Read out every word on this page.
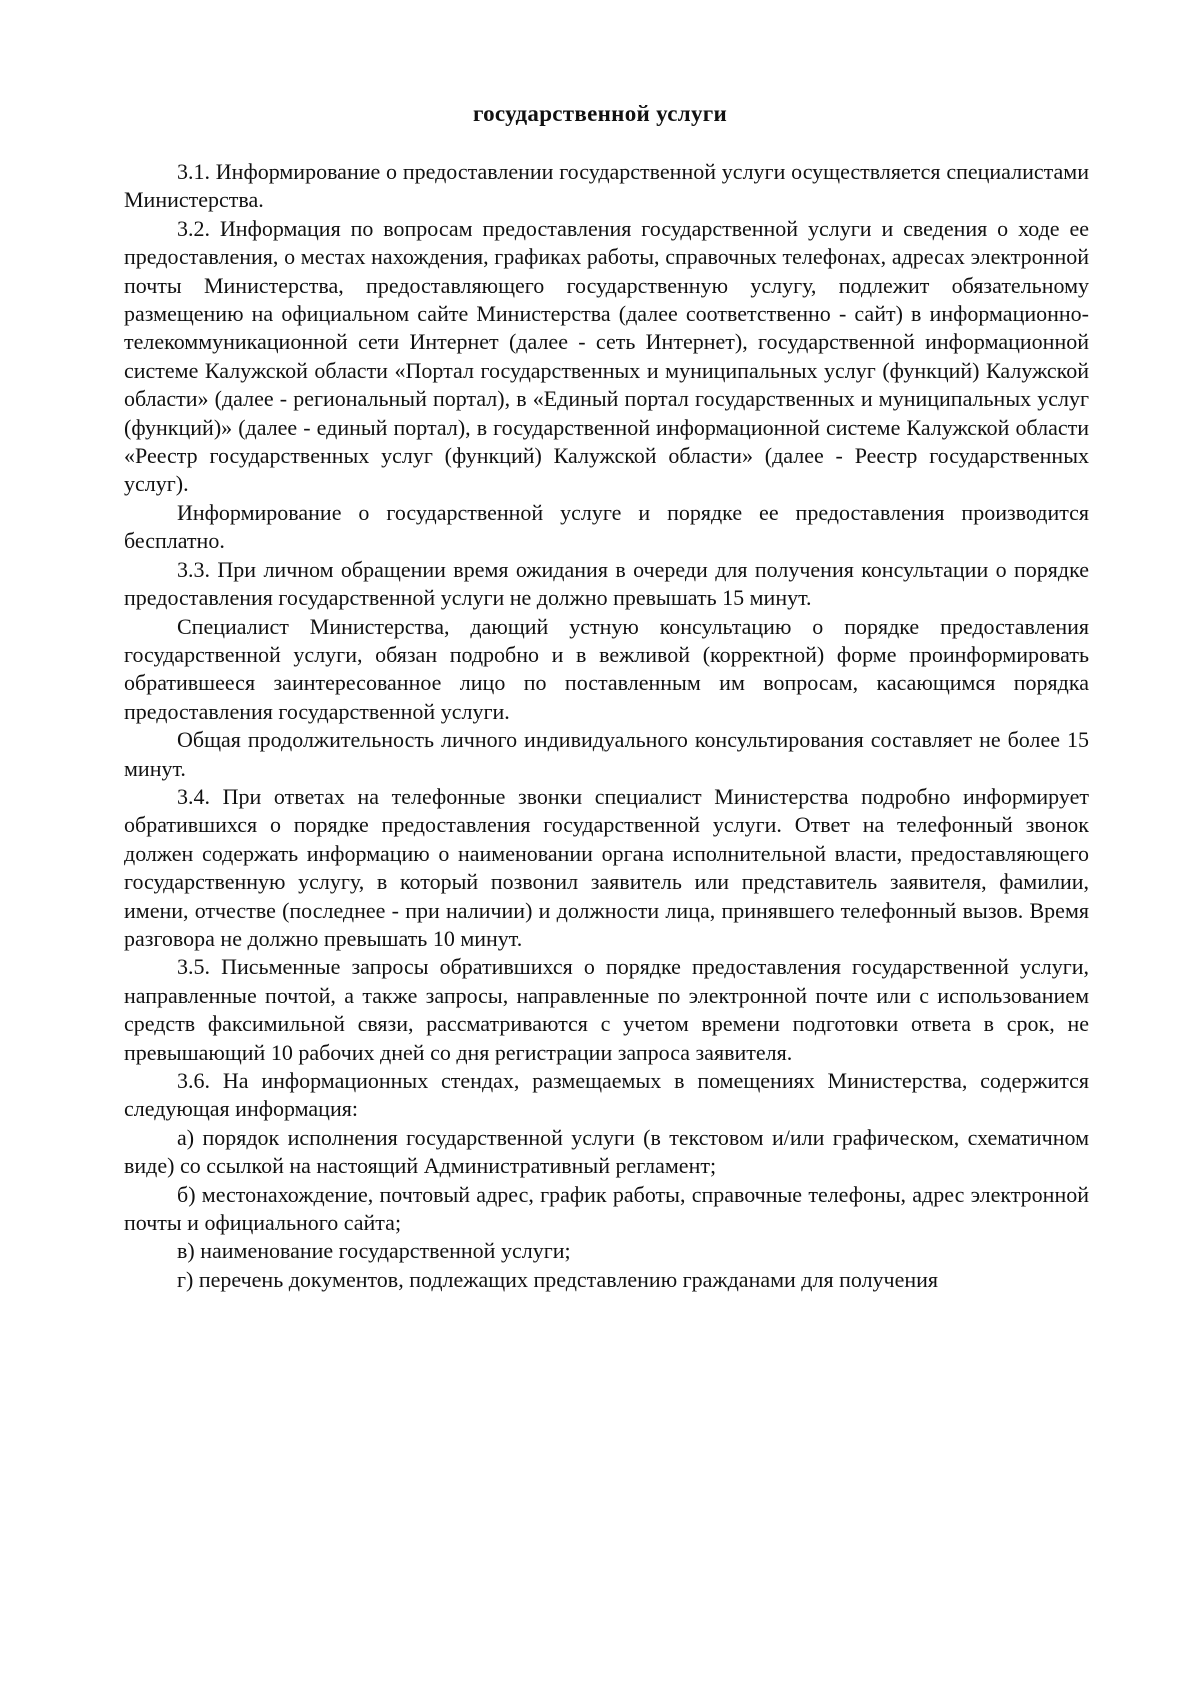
государственной услуги

3.1. Информирование о предоставлении государственной услуги осуществляется специалистами Министерства.

3.2. Информация по вопросам предоставления государственной услуги и сведения о ходе ее предоставления, о местах нахождения, графиках работы, справочных телефонах, адресах электронной почты Министерства, предоставляющего государственную услугу, подлежит обязательному размещению на официальном сайте Министерства (далее соответственно - сайт) в информационно-телекоммуникационной сети Интернет (далее - сеть Интернет), государственной информационной системе Калужской области «Портал государственных и муниципальных услуг (функций) Калужской области» (далее - региональный портал), в «Единый портал государственных и муниципальных услуг (функций)» (далее - единый портал), в государственной информационной системе Калужской области «Реестр государственных услуг (функций) Калужской области» (далее - Реестр государственных услуг).

Информирование о государственной услуге и порядке ее предоставления производится бесплатно.

3.3. При личном обращении время ожидания в очереди для получения консультации о порядке предоставления государственной услуги не должно превышать 15 минут.

Специалист Министерства, дающий устную консультацию о порядке предоставления государственной услуги, обязан подробно и в вежливой (корректной) форме проинформировать обратившееся заинтересованное лицо по поставленным им вопросам, касающимся порядка предоставления государственной услуги.

Общая продолжительность личного индивидуального консультирования составляет не более 15 минут.

3.4. При ответах на телефонные звонки специалист Министерства подробно информирует обратившихся о порядке предоставления государственной услуги. Ответ на телефонный звонок должен содержать информацию о наименовании органа исполнительной власти, предоставляющего государственную услугу, в который позвонил заявитель или представитель заявителя, фамилии, имени, отчестве (последнее - при наличии) и должности лица, принявшего телефонный вызов. Время разговора не должно превышать 10 минут.

3.5. Письменные запросы обратившихся о порядке предоставления государственной услуги, направленные почтой, а также запросы, направленные по электронной почте или с использованием средств факсимильной связи, рассматриваются с учетом времени подготовки ответа в срок, не превышающий 10 рабочих дней со дня регистрации запроса заявителя.

3.6. На информационных стендах, размещаемых в помещениях Министерства, содержится следующая информация:

а) порядок исполнения государственной услуги (в текстовом и/или графическом, схематичном виде) со ссылкой на настоящий Административный регламент;

б) местонахождение, почтовый адрес, график работы, справочные телефоны, адрес электронной почты и официального сайта;

в) наименование государственной услуги;

г) перечень документов, подлежащих представлению гражданами для получения
